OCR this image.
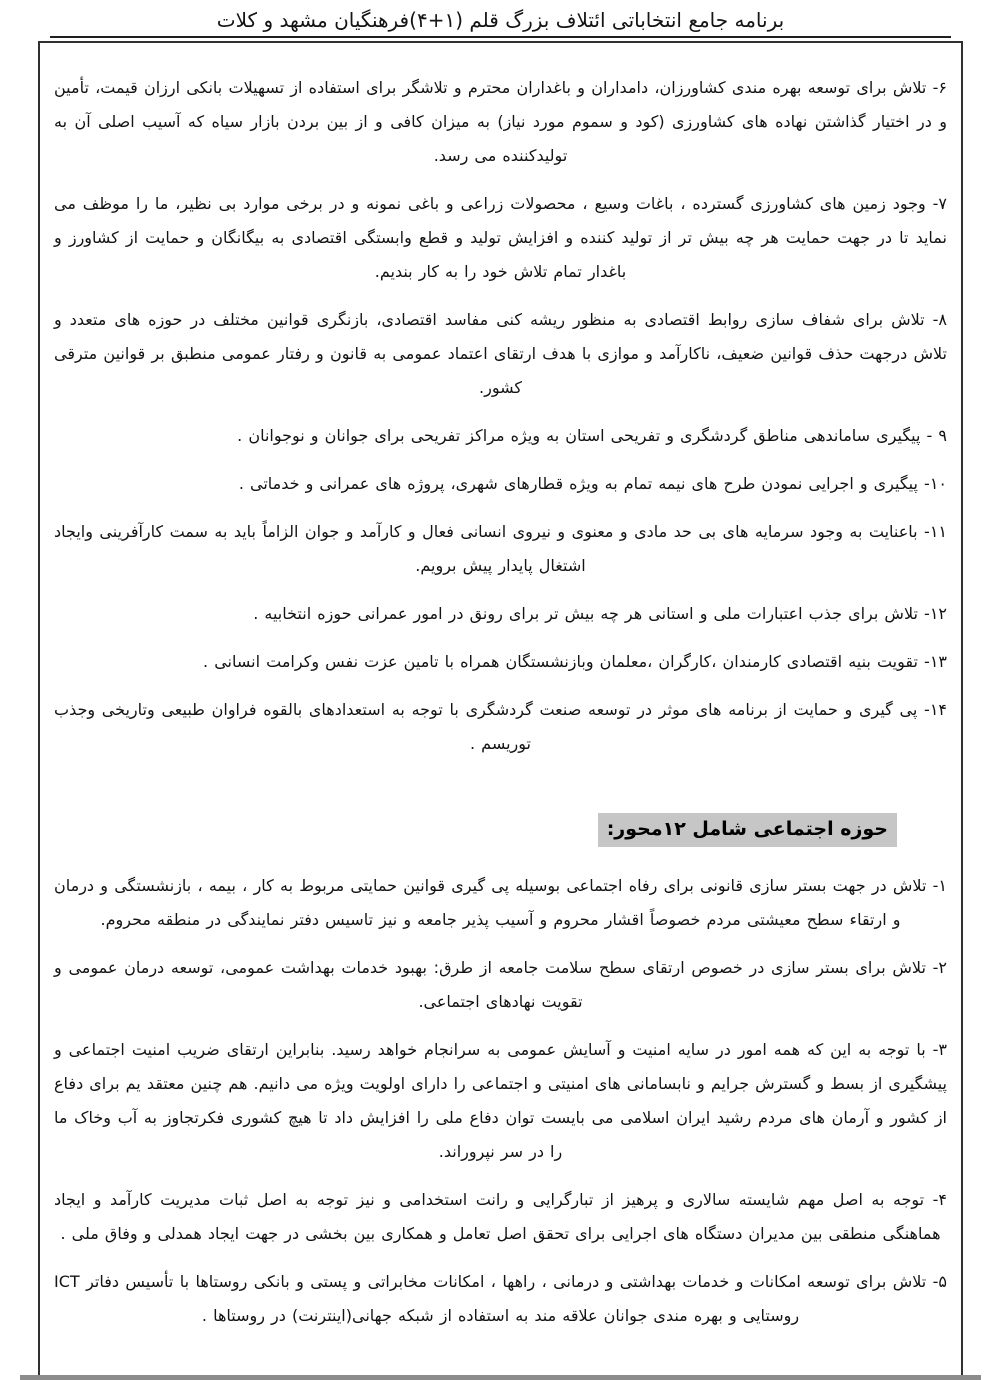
برنامه جامع انتخاباتی ائتلاف بزرگ قلم (۱+۴)فرهنگیان مشهد و کلات

۶- تلاش برای توسعه بهره مندی کشاورزان، دامداران و باغداران محترم و تلاشگر برای استفاده از تسهیلات بانکی ارزان قیمت، تأمین و در اختیار گذاشتن نهاده های کشاورزی (کود و سموم مورد نیاز) به میزان کافی و از بین بردن بازار سیاه که آسیب اصلی آن به تولیدکننده می رسد.

۷- وجود زمین های کشاورزی گسترده ، باغات وسیع ، محصولات زراعی و باغی نمونه و در برخی موارد بی نظیر، ما را موظف می نماید تا در جهت حمایت هر چه بیش تر از تولید کننده و افزایش تولید و قطع وابستگی اقتصادی به بیگانگان و حمایت از کشاورز و باغدار تمام تلاش خود را به کار بندیم.

۸- تلاش برای شفاف سازی روابط اقتصادی به منظور ریشه کنی مفاسد اقتصادی، بازنگری قوانین مختلف در حوزه های متعدد و تلاش درجهت حذف قوانین ضعیف، ناکارآمد و موازی با هدف ارتقای اعتماد عمومی به قانون و رفتار عمومی منطبق بر قوانین مترقی کشور.

۹ - پیگیری ساماندهی مناطق گردشگری و تفریحی استان به ویژه مراکز تفریحی برای جوانان و نوجوانان .

۱۰- پیگیری و اجرایی نمودن طرح های نیمه تمام به ویژه قطارهای شهری، پروژه های عمرانی و خدماتی .

۱۱- باعنایت به وجود سرمایه های بی حد مادی و معنوی و نیروی انسانی فعال و کارآمد و جوان الزاماً باید به سمت کارآفرینی وایجاد اشتغال پایدار پیش برویم.

۱۲- تلاش برای جذب اعتبارات ملی و استانی هر چه بیش تر برای رونق در امور عمرانی حوزه انتخابیه .

۱۳- تقویت بنیه اقتصادی کارمندان ،کارگران ،معلمان وبازنشستگان همراه با تامین عزت نفس وکرامت انسانی .

۱۴- پی گیری و حمایت از برنامه های موثر در توسعه صنعت گردشگری با توجه به استعدادهای بالقوه فراوان طبیعی وتاریخی وجذب توریسم .

حوزه اجتماعی شامل ۱۲محور:

۱- تلاش در جهت بستر سازی قانونی برای رفاه اجتماعی بوسیله پی گیری قوانین حمایتی مربوط به کار ، بیمه ، بازنشستگی و درمان و ارتقاء سطح معیشتی مردم خصوصاً اقشار محروم و آسیب پذیر جامعه و نیز تاسیس دفتر نمایندگی در منطقه محروم.

۲- تلاش برای بستر سازی در خصوص ارتقای سطح سلامت جامعه از طرق: بهبود خدمات بهداشت عمومی، توسعه درمان عمومی و تقویت نهادهای اجتماعی.

۳- با توجه به این که همه امور در سایه امنیت و آسایش عمومی به سرانجام خواهد رسید. بنابراین ارتقای ضریب امنیت اجتماعی و پیشگیری از بسط و گسترش جرایم و نابسامانی های امنیتی و اجتماعی را دارای اولویت ویژه می دانیم. هم چنین معتقد یم برای دفاع از کشور و آرمان های مردم رشید ایران اسلامی می بایست توان دفاع ملی را افزایش داد تا هیچ کشوری فکرتجاوز به آب وخاک ما را در سر نپروراند.

۴- توجه به اصل مهم شایسته سالاری و پرهیز از تبارگرایی و رانت استخدامی و نیز توجه به اصل ثبات مدیریت کارآمد و ایجاد هماهنگی منطقی بین مدیران دستگاه های اجرایی برای تحقق اصل تعامل و همکاری بین بخشی در جهت ایجاد همدلی و وفاق ملی .

۵- تلاش برای توسعه امکانات و خدمات بهداشتی و درمانی ، راهها ، امکانات مخابراتی و پستی و بانکی روستاها با تأسیس دفاتر ICT روستایی و بهره مندی جوانان علاقه مند به استفاده از شبکه جهانی(اینترنت) در روستاها .
